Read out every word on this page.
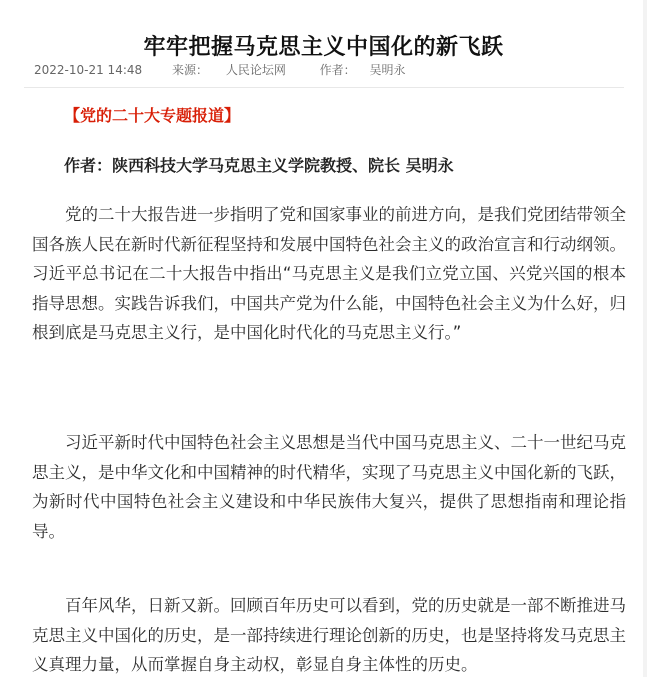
牢牢把握马克思主义中国化的新飞跃
2022-10-21 14:48 来源： 人民论坛网	作者： 吴明永
【党的二十大专题报道】
作者：陕西科技大学马克思主义学院教授、院长 吴明永

党的二十大报告进一步指明了党和国家事业的前进方向，是我们党团结带领全国各族人民在新时代新征程坚持和发展中国特色社会主义的政治宣言和行动纲领。习近平总书记在二十大报告中指出“马克思主义是我们立党立国、兴党兴国的根本指导思想。实践告诉我们，中国共产党为什么能，中国特色社会主义为什么好，归根到底是马克思主义行，是中国化时代化的马克思主义行。”

习近平新时代中国特色社会主义思想是当代中国马克思主义、二十一世纪马克思主义，是中华文化和中国精神的时代精华，实现了马克思主义中国化新的飞跃，为新时代中国特色社会主义建设和中华民族伟大复兴，提供了思想指南和理论指导。

百年风华，日新又新。回顾百年历史可以看到，党的历史就是一部不断推进马克思主义中国化的历史，是一部持续进行理论创新的历史，也是坚持将发马克思主义真理力量，从而掌握自身主动权，彰显自身主体性的历史。
